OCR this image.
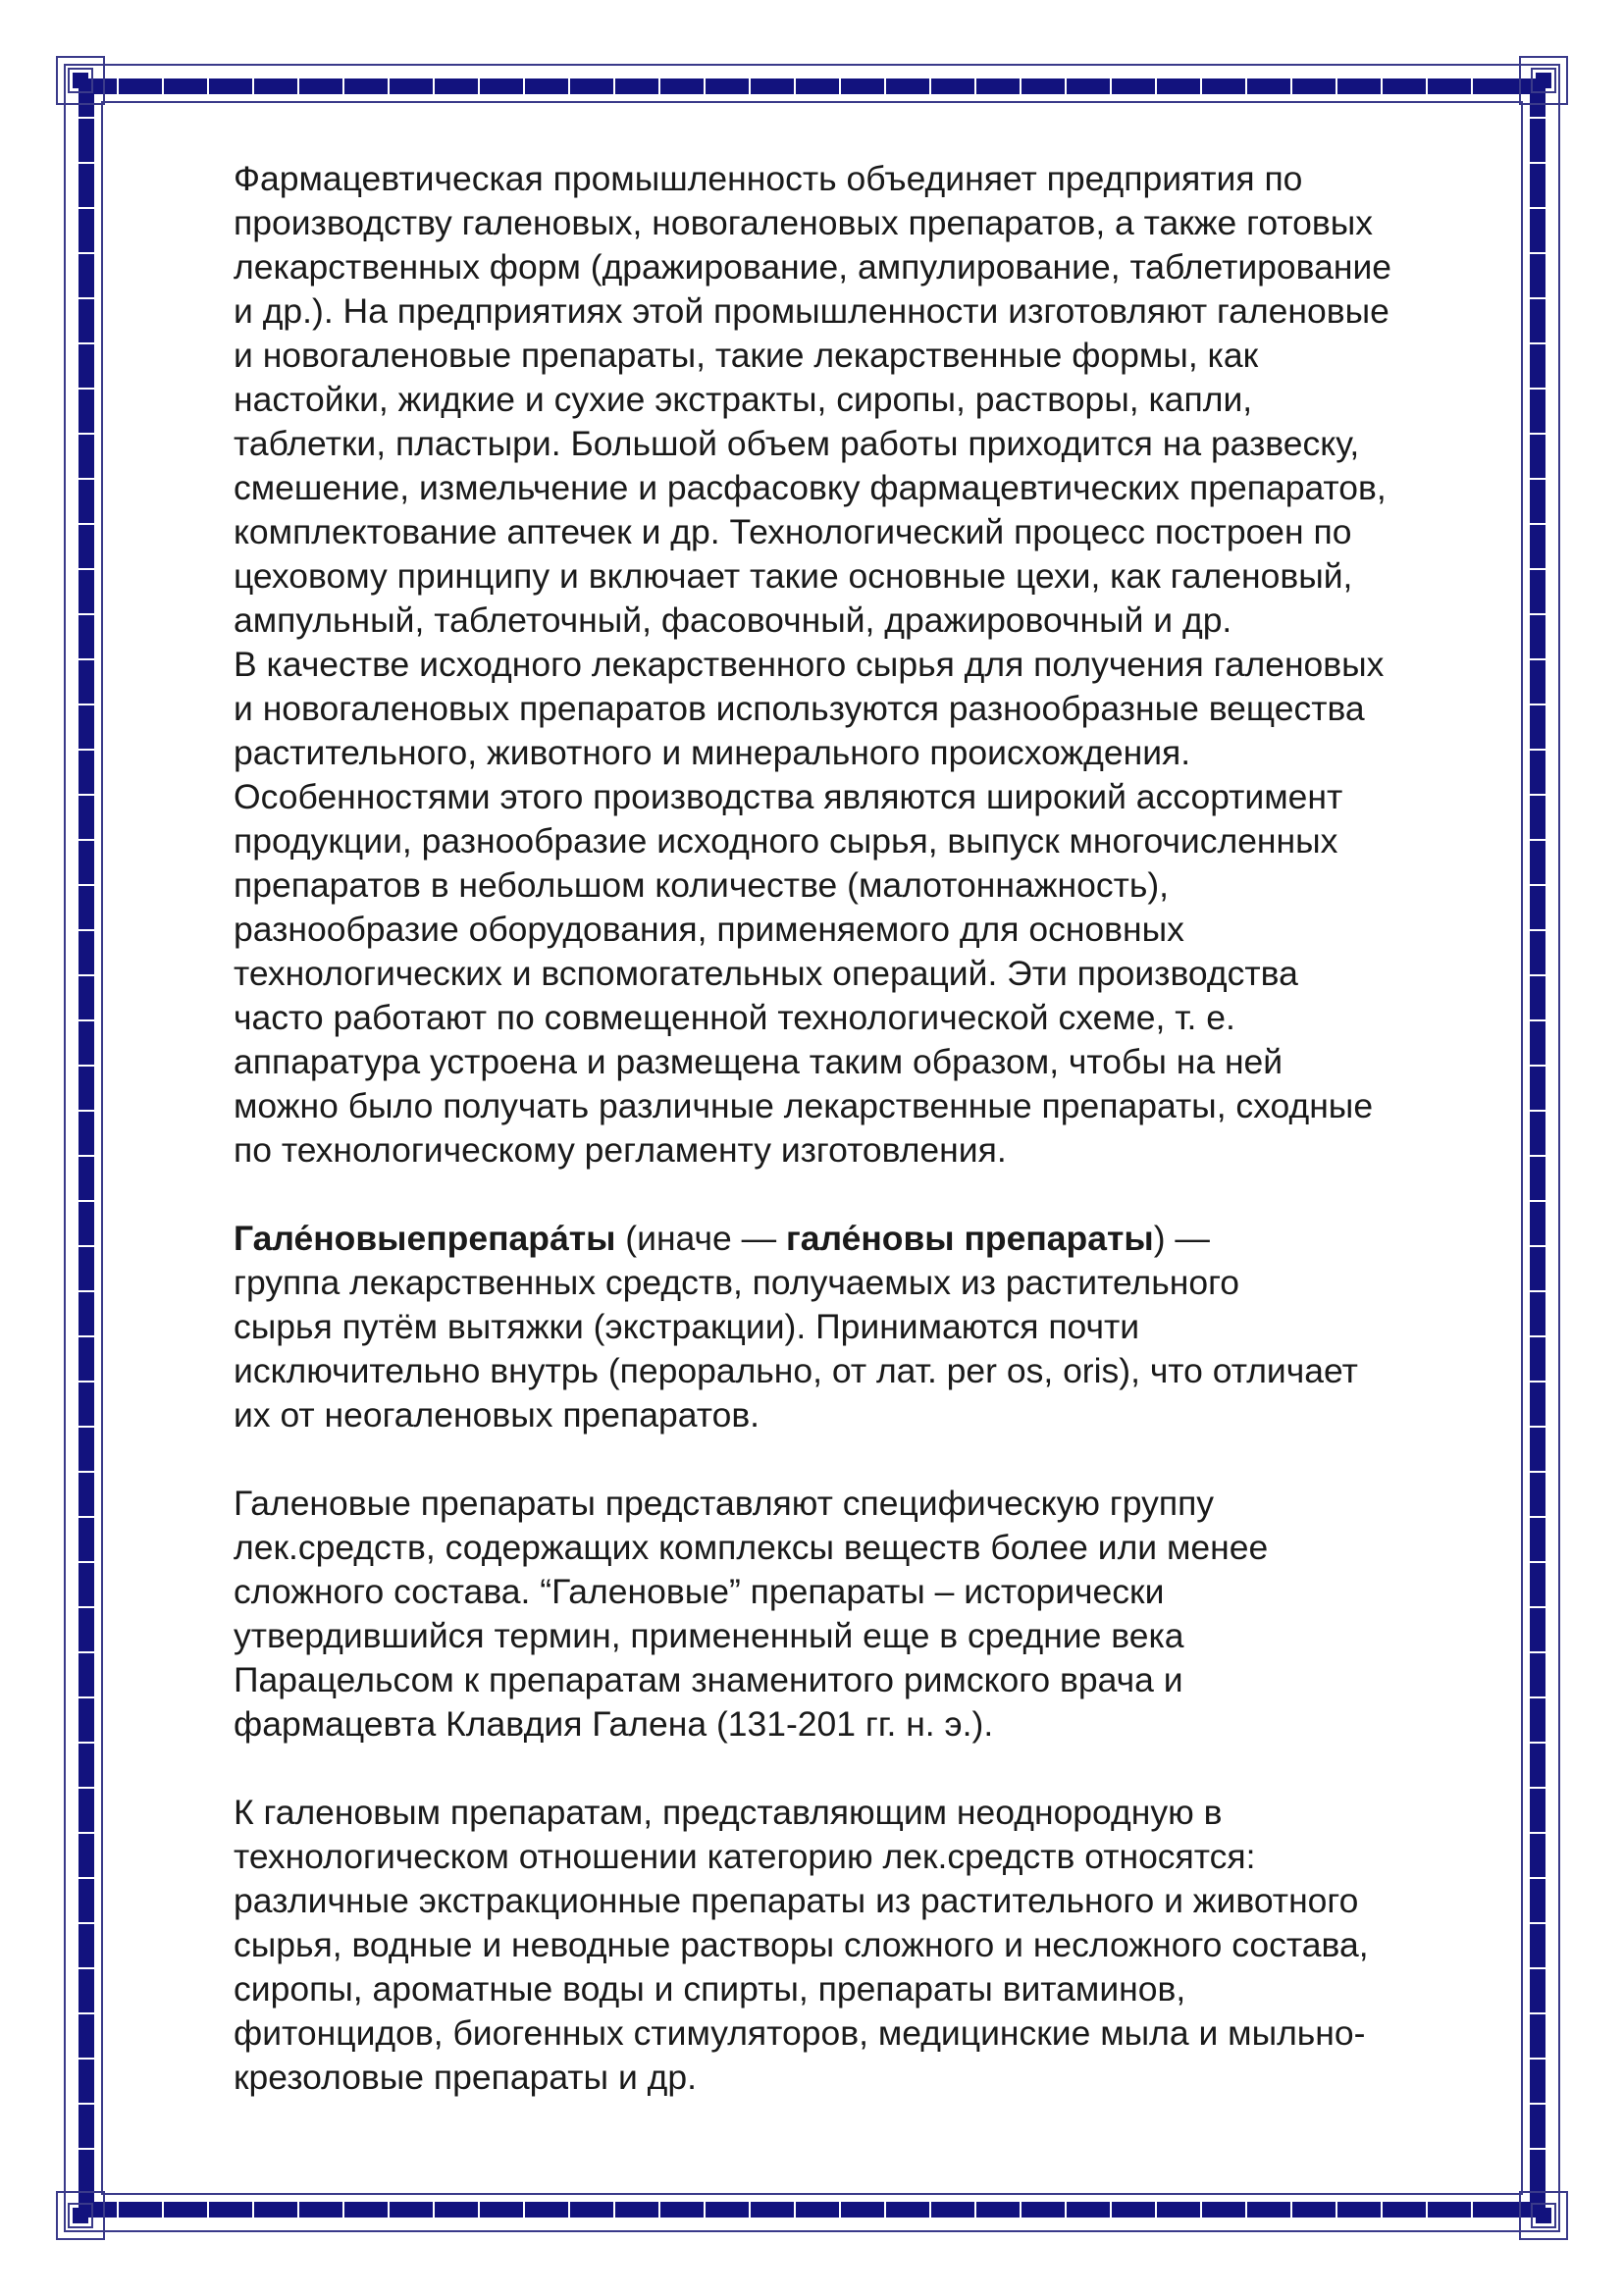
Фармацевтическая промышленность объединяет предприятия по
производству галеновых, новогаленовых препаратов, а также готовых
лекарственных форм (дражирование, ампулирование, таблетирование
и др.). На предприятиях этой промышленности изготовляют галеновые
и новогаленовые препараты, такие лекарственные формы, как
настойки, жидкие и сухие экстракты, сиропы, растворы, капли,
таблетки, пластыри. Большой объем работы приходится на развеску,
смешение, измельчение и расфасовку фармацевтических препаратов,
комплектование аптечек и др. Технологический процесс построен по
цеховому принципу и включает такие основные цехи, как галеновый,
ампульный, таблеточный, фасовочный, дражировочный и др.
В качестве исходного лекарственного сырья для получения галеновых
и новогаленовых препаратов используются разнообразные вещества
растительного, животного и минерального происхождения.
Особенностями этого производства являются широкий ассортимент
продукции, разнообразие исходного сырья, выпуск многочисленных
препаратов в небольшом количестве (малотоннажность),
разнообразие оборудования, применяемого для основных
технологических и вспомогательных операций. Эти производства
часто работают по совмещенной технологической схеме, т. е.
аппаратура устроена и размещена таким образом, чтобы на ней
можно было получать различные лекарственные препараты, сходные
по технологическому регламенту изготовления.
Гале́новыепрепара́ты (иначе — гале́новы препараты) —
группа лекарственных средств, получаемых из растительного
сырья путём вытяжки (экстракции). Принимаются почти
исключительно внутрь (перорально, от лат. per os, oris), что отличает
их от неогаленовых препаратов.
Галеновые препараты представляют специфическую группу
лек.средств, содержащих комплексы веществ более или менее
сложного состава. “Галеновые” препараты – исторически
утвердившийся термин, примененный еще в средние века
Парацельсом к препаратам знаменитого римского врача и
фармацевта Клавдия Галена (131-201 гг. н. э.).
К галеновым препаратам, представляющим неоднородную в
технологическом отношении категорию лек.средств относятся:
различные экстракционные препараты из растительного и животного
сырья, водные и неводные растворы сложного и несложного состава,
сиропы, ароматные воды и спирты, препараты витаминов,
фитонцидов, биогенных стимуляторов, медицинские мыла и мыльно-
крезоловые препараты и др.
